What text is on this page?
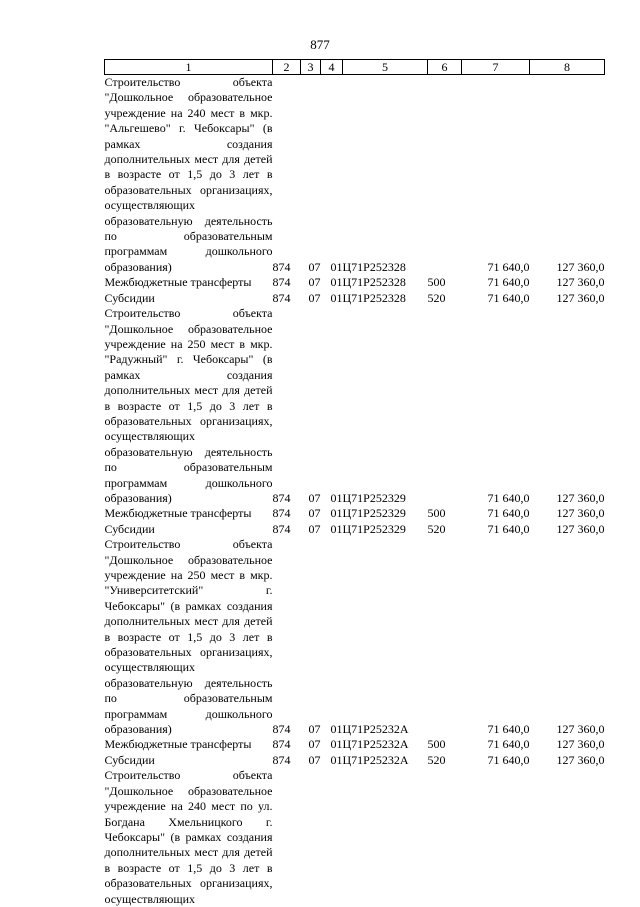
877
1	2	3	4	5	6	7	8
Строительство объекта "Дошкольное образовательное учреждение на 240 мест в мкр. "Альгешево" г. Чебоксары" (в рамках создания дополнительных мест для детей в возрасте от 1,5 до 3 лет в образовательных организациях, осуществляющих образовательную деятельность по образовательным программам дошкольного образования)	874	07	01	Ц71Р252328		71 640,0	127 360,0
Межбюджетные трансферты	874	07	01	Ц71Р252328	500	71 640,0	127 360,0
Субсидии	874	07	01	Ц71Р252328	520	71 640,0	127 360,0
Строительство объекта "Дошкольное образовательное учреждение на 250 мест в мкр. "Радужный" г. Чебоксары" (в рамках создания дополнительных мест для детей в возрасте от 1,5 до 3 лет в образовательных организациях, осуществляющих образовательную деятельность по образовательным программам дошкольного образования)	874	07	01	Ц71Р252329		71 640,0	127 360,0
Межбюджетные трансферты	874	07	01	Ц71Р252329	500	71 640,0	127 360,0
Субсидии	874	07	01	Ц71Р252329	520	71 640,0	127 360,0
Строительство объекта "Дошкольное образовательное учреждение на 250 мест в мкр. "Университетский" г. Чебоксары" (в рамках создания дополнительных мест для детей в возрасте от 1,5 до 3 лет в образовательных организациях, осуществляющих образовательную деятельность по образовательным программам дошкольного образования)	874	07	01	Ц71Р25232А		71 640,0	127 360,0
Межбюджетные трансферты	874	07	01	Ц71Р25232А	500	71 640,0	127 360,0
Субсидии	874	07	01	Ц71Р25232А	520	71 640,0	127 360,0
Строительство объекта "Дошкольное образовательное учреждение на 240 мест по ул. Богдана Хмельницкого г. Чебоксары" (в рамках создания дополнительных мест для детей в возрасте от 1,5 до 3 лет в образовательных организациях, осуществляющих							
